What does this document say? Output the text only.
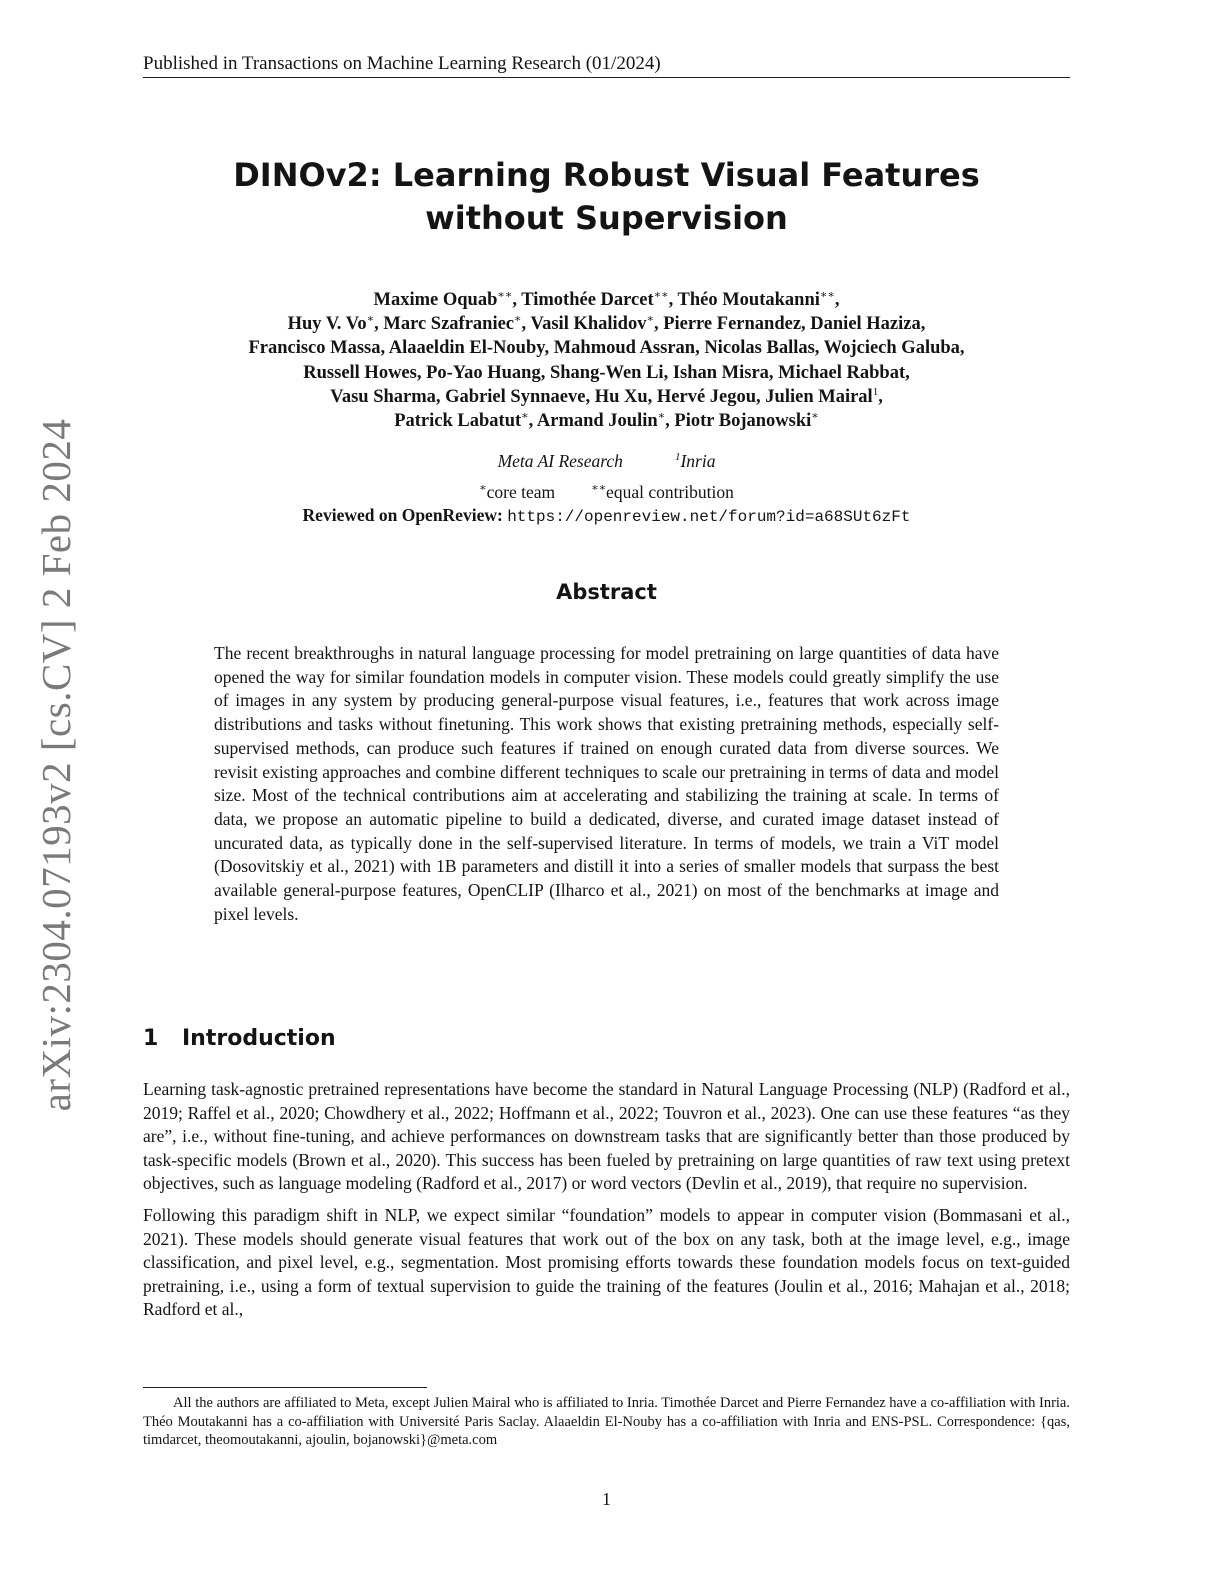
Published in Transactions on Machine Learning Research (01/2024)
arXiv:2304.07193v2 [cs.CV] 2 Feb 2024
DINOv2: Learning Robust Visual Features
without Supervision
Maxime Oquab∗∗, Timothée Darcet∗∗, Théo Moutakanni∗∗,
Huy V. Vo∗, Marc Szafraniec∗, Vasil Khalidov∗, Pierre Fernandez, Daniel Haziza,
Francisco Massa, Alaaeldin El-Nouby, Mahmoud Assran, Nicolas Ballas, Wojciech Galuba,
Russell Howes, Po-Yao Huang, Shang-Wen Li, Ishan Misra, Michael Rabbat,
Vasu Sharma, Gabriel Synnaeve, Hu Xu, Hervé Jegou, Julien Mairal$^1$,
Patrick Labatut∗, Armand Joulin∗, Piotr Bojanowski∗
Meta AI Research	$^1$Inria
∗core team	∗∗equal contribution
Reviewed on OpenReview: https://openreview.net/forum?id=a68SUt6zFt
Abstract

The recent breakthroughs in natural language processing for model pretraining on large quantities of data have opened the way for similar foundation models in computer vision. These models could greatly simplify the use of images in any system by producing general-purpose visual features, i.e., features that work across image distributions and tasks without finetuning. This work shows that existing pretraining methods, especially self-supervised methods, can produce such features if trained on enough curated data from diverse sources. We revisit existing approaches and combine different techniques to scale our pretraining in terms of data and model size. Most of the technical contributions aim at accelerating and stabilizing the training at scale. In terms of data, we propose an automatic pipeline to build a dedicated, diverse, and curated image dataset instead of uncurated data, as typically done in the self-supervised literature. In terms of models, we train a ViT model (Dosovitskiy et al., 2021) with 1B parameters and distill it into a series of smaller models that surpass the best available general-purpose features, OpenCLIP (Ilharco et al., 2021) on most of the benchmarks at image and pixel levels.

1 Introduction

Learning task-agnostic pretrained representations have become the standard in Natural Language Processing (NLP) (Radford et al., 2019; Raffel et al., 2020; Chowdhery et al., 2022; Hoffmann et al., 2022; Touvron et al., 2023). One can use these features “as they are”, i.e., without fine-tuning, and achieve performances on downstream tasks that are significantly better than those produced by task-specific models (Brown et al., 2020). This success has been fueled by pretraining on large quantities of raw text using pretext objectives, such as language modeling (Radford et al., 2017) or word vectors (Devlin et al., 2019), that require no supervision.

Following this paradigm shift in NLP, we expect similar “foundation” models to appear in computer vision (Bommasani et al., 2021). These models should generate visual features that work out of the box on any task, both at the image level, e.g., image classification, and pixel level, e.g., segmentation. Most promising efforts towards these foundation models focus on text-guided pretraining, i.e., using a form of textual supervision to guide the training of the features (Joulin et al., 2016; Mahajan et al., 2018; Radford et al.,

All the authors are affiliated to Meta, except Julien Mairal who is affiliated to Inria. Timothée Darcet and Pierre Fernandez have a co-affiliation with Inria. Théo Moutakanni has a co-affiliation with Université Paris Saclay. Alaaeldin El-Nouby has a co-affiliation with Inria and ENS-PSL. Correspondence: {qas, timdarcet, theomoutakanni, ajoulin, bojanowski}@meta.com
1
